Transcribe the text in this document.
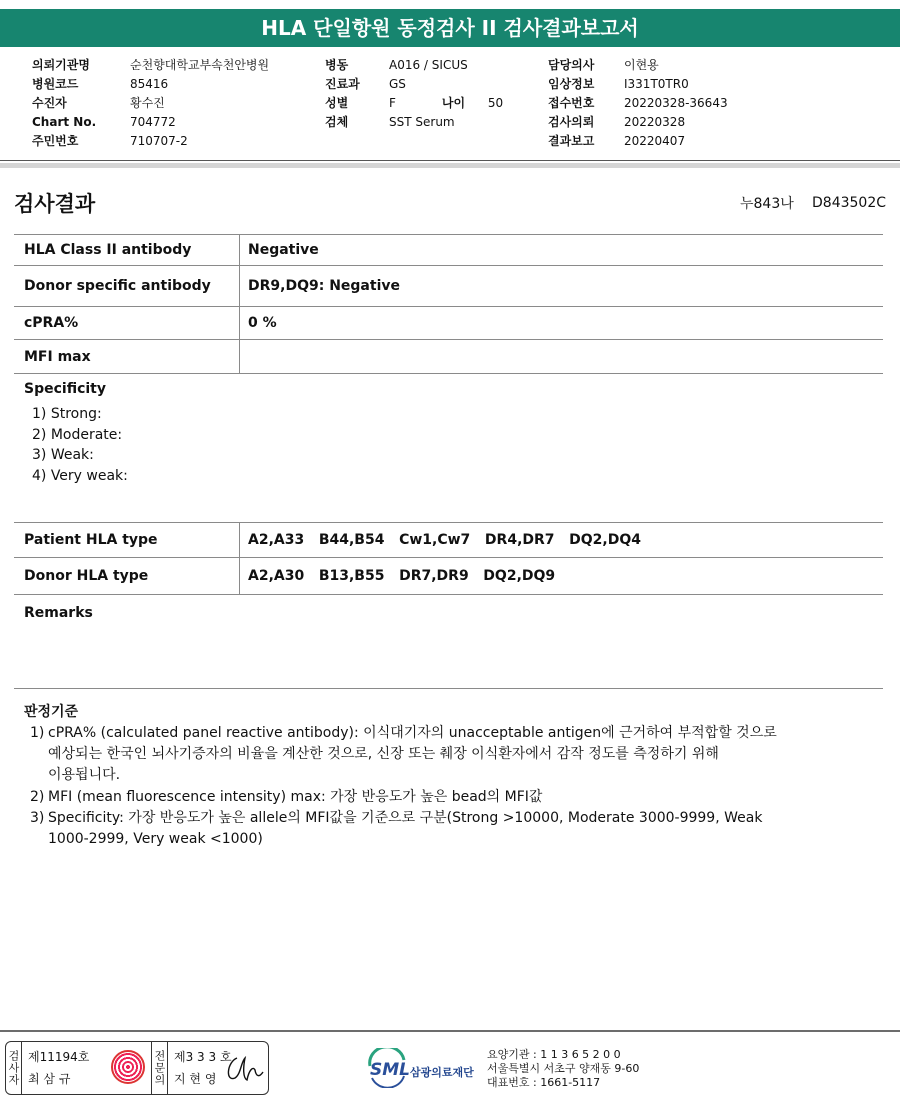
HLA 단일항원 동정검사 II 검사결과보고서
의뢰기관명	순천향대학교부속천안병원
병원코드	85416
수진자	황수진
Chart No.	704772
주민번호	710707-2
병동	A016 / SICUS
진료과	GS
성별	F	나이	50
검체	SST Serum
담당의사	이현용
임상정보	I331T0TR0
접수번호	20220328-36643
검사의뢰	20220328
결과보고	20220407
검사결과	누843나 D843502C
HLA Class II antibody	Negative
Donor specific antibody	DR9,DQ9: Negative
cPRA%	0 %
MFI max
Specificity
1) Strong:
2) Moderate:
3) Weak:
4) Very weak:
Patient HLA type	A2,A33   B44,B54   Cw1,Cw7   DR4,DR7   DQ2,DQ4
Donor HLA type	A2,A30   B13,B55   DR7,DR9   DQ2,DQ9
Remarks
판정기준
1) cPRA% (calculated panel reactive antibody): 이식대기자의 unacceptable antigen에 근거하여 부적합할 것으로
예상되는 한국인 뇌사기증자의 비율을 계산한 것으로, 신장 또는 췌장 이식환자에서 감작 정도를 측정하기 위해
이용됩니다.
2) MFI (mean fluorescence intensity) max: 가장 반응도가 높은 bead의 MFI값
3) Specificity: 가장 반응도가 높은 allele의 MFI값을 기준으로 구분(Strong >10000, Moderate 3000-9999, Weak
1000-2999, Very weak <1000)
검사자 제11194호
최 삼 규	전문의 제3 3 3 호
지 현 영	SML 삼광의료재단
요양기관 : 1 1 3 6 5 2 0 0
서울특별시 서초구 양재동 9-60
대표번호 : 1661-5117
